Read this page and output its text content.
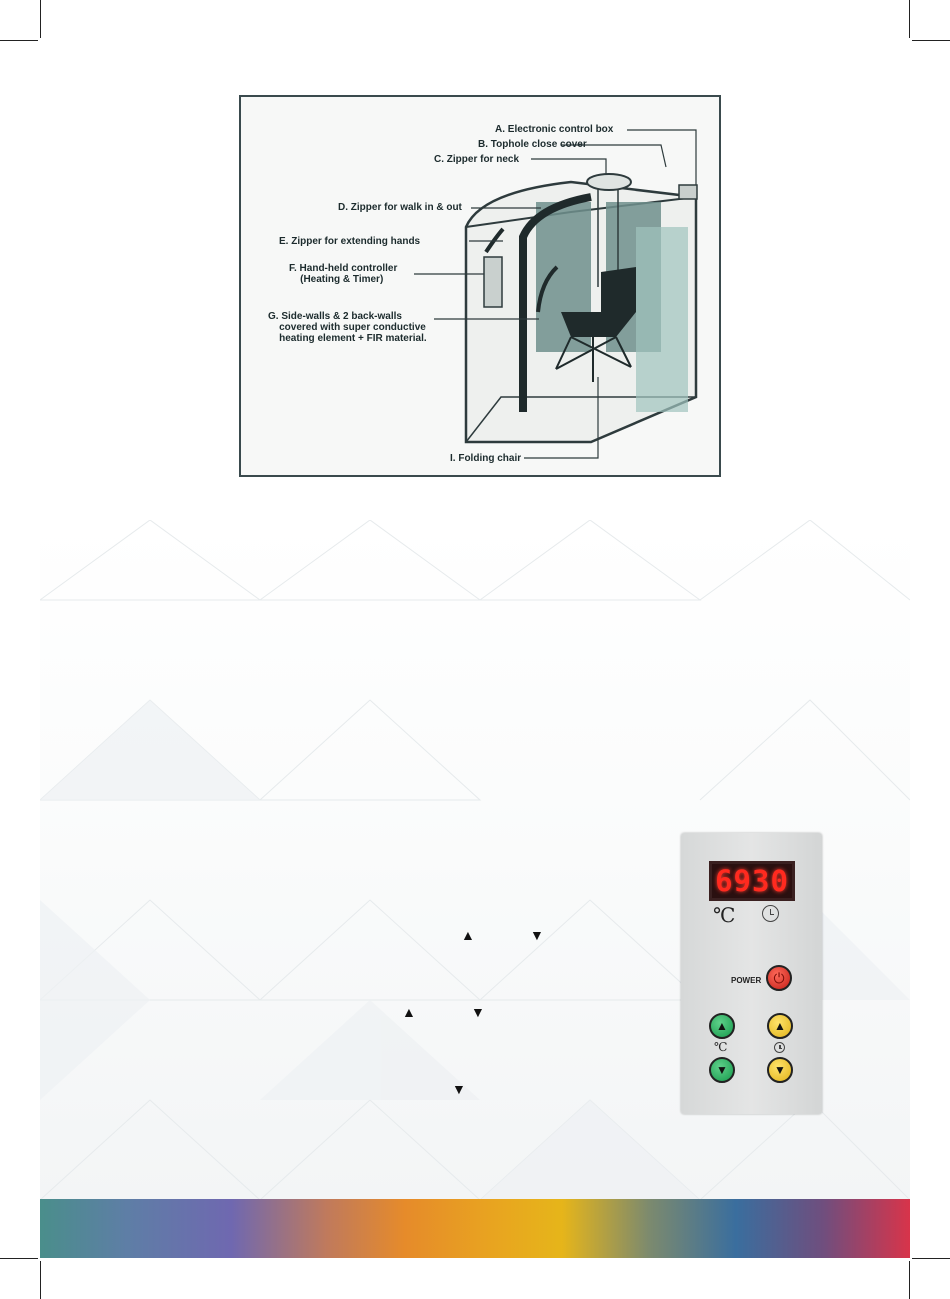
A. Electronic control box
B. Tophole close cover
C. Zipper for neck
D. Zipper for walk in & out
E. Zipper for extending hands
F. Hand-held controller
(Heating & Timer)
G. Side-walls & 2 back-walls
covered with super conductive
heating element + FIR material.
I. Folding chair
▲	▼
▲	▼
▼
6930
℃
POWER ⏻
▲	▲
℃
▼	▼
